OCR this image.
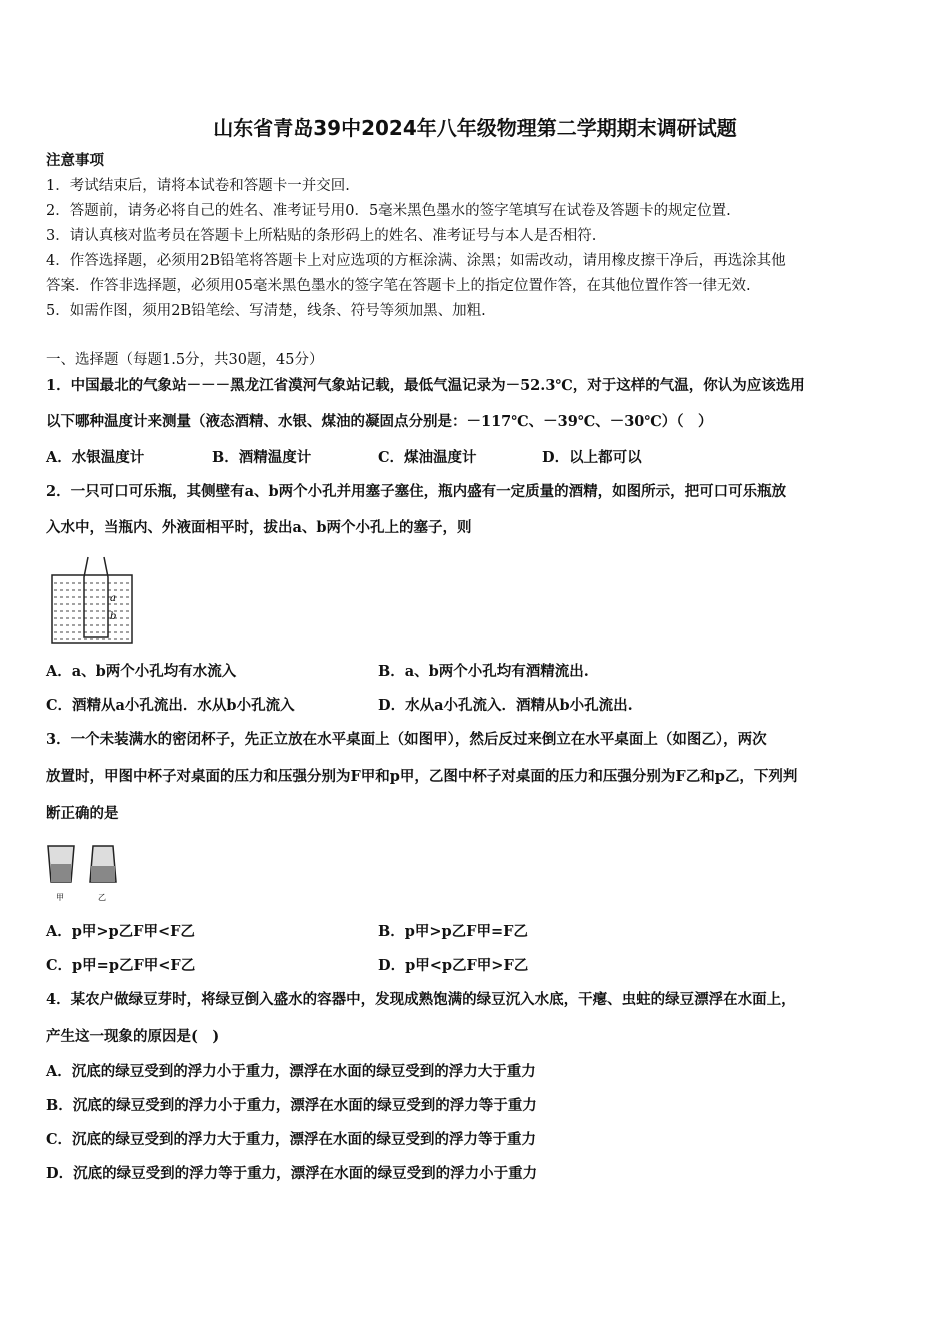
山东省青岛39中2024年八年级物理第二学期期末调研试题
注意事项
1．考试结束后，请将本试卷和答题卡一并交回.
2．答题前，请务必将自己的姓名、准考证号用0．5毫米黑色墨水的签字笔填写在试卷及答题卡的规定位置.
3．请认真核对监考员在答题卡上所粘贴的条形码上的姓名、准考证号与本人是否相符.
4．作答选择题，必须用2B铅笔将答题卡上对应选项的方框涂满、涂黑；如需改动，请用橡皮擦干净后，再选涂其他
答案．作答非选择题，必须用05毫米黑色墨水的签字笔在答题卡上的指定位置作答，在其他位置作答一律无效.
5．如需作图，须用2B铅笔绘、写清楚，线条、符号等须加黑、加粗.
一、选择题（每题1.5分，共30题，45分）
1．中国最北的气象站－－－黑龙江省漠河气象站记载，最低气温记录为－52.3℃，对于这样的气温，你认为应该选用
以下哪种温度计来测量（液态酒精、水银、煤油的凝固点分别是：－117℃、－39℃、－30℃）（　）
A．水银温度计	B．酒精温度计	C．煤油温度计	D．以上都可以
2．一只可口可乐瓶，其侧壁有a、b两个小孔并用塞子塞住，瓶内盛有一定质量的酒精，如图所示，把可口可乐瓶放
入水中，当瓶内、外液面相平时，拔出a、b两个小孔上的塞子，则
a
b
A．a、b两个小孔均有水流入	B．a、b两个小孔均有酒精流出.
C．酒精从a小孔流出．水从b小孔流入	D．水从a小孔流入．酒精从b小孔流出.
3．一个未装满水的密闭杯子，先正立放在水平桌面上（如图甲），然后反过来倒立在水平桌面上（如图乙），两次
放置时，甲图中杯子对桌面的压力和压强分别为F甲和p甲，乙图中杯子对桌面的压力和压强分别为F乙和p乙，下列判
断正确的是
甲	乙
A．p甲>p乙F甲<F乙	B．p甲>p乙F甲=F乙
C．p甲=p乙F甲<F乙	D．p甲<p乙F甲>F乙
4．某农户做绿豆芽时，将绿豆倒入盛水的容器中，发现成熟饱满的绿豆沉入水底，干瘪、虫蛀的绿豆漂浮在水面上，
产生这一现象的原因是(　)
A．沉底的绿豆受到的浮力小于重力，漂浮在水面的绿豆受到的浮力大于重力
B．沉底的绿豆受到的浮力小于重力，漂浮在水面的绿豆受到的浮力等于重力
C．沉底的绿豆受到的浮力大于重力，漂浮在水面的绿豆受到的浮力等于重力
D．沉底的绿豆受到的浮力等于重力，漂浮在水面的绿豆受到的浮力小于重力
